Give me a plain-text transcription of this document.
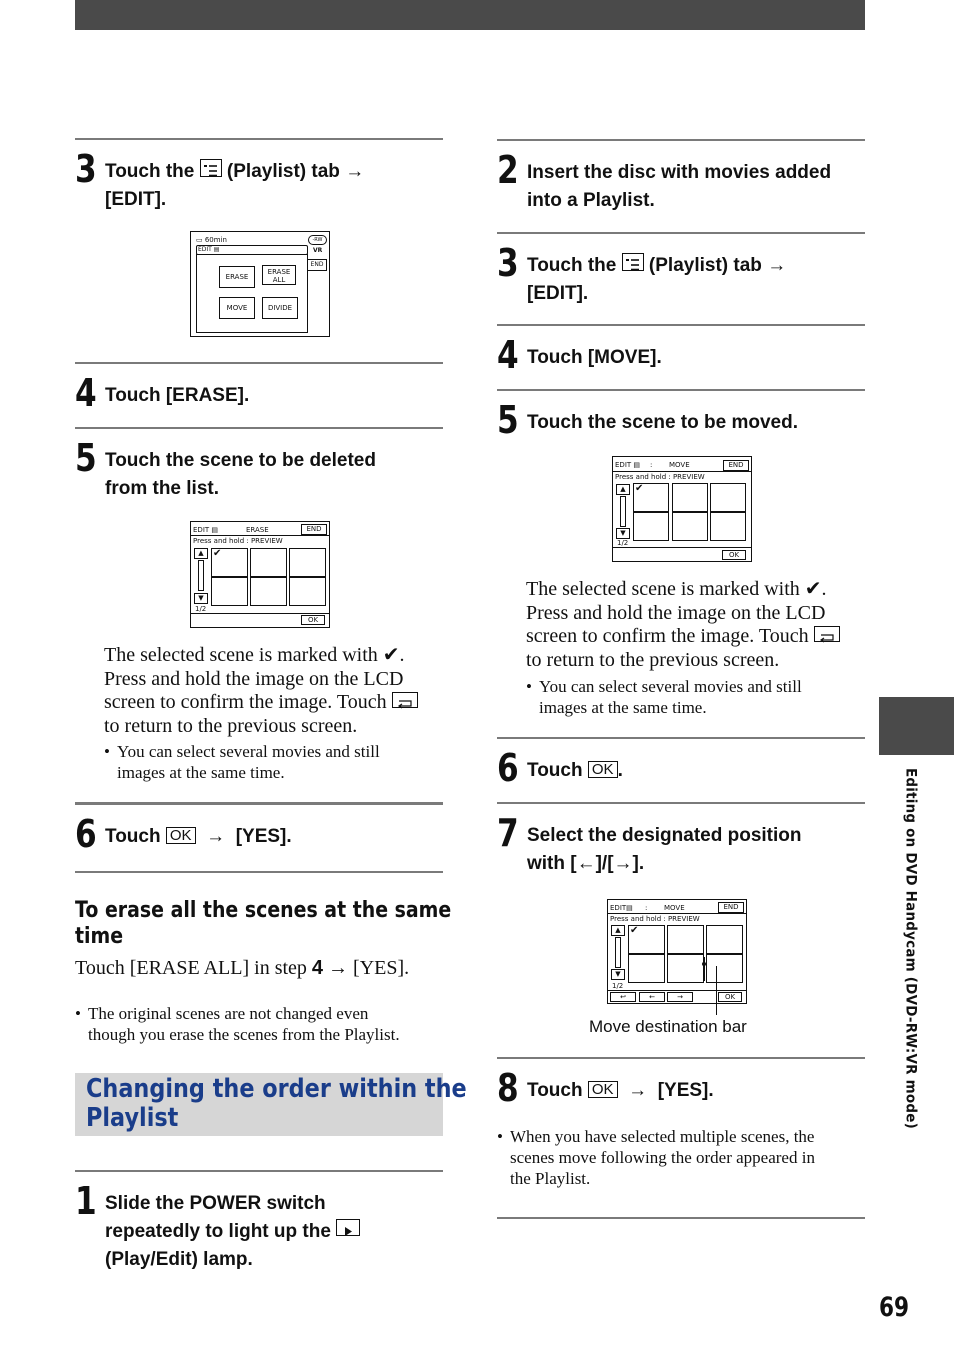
Editing on DVD Handycam (DVD-RW:VR mode)
69
3 Touch the (Playlist) tab →
[EDIT].
▭ 60min	-RW
VR
EDIT ▤
END
ERASE
ERASE
ALL
MOVE	DIVIDE
4 Touch [ERASE].
5 Touch the scene to be deleted
from the list.
EDIT ▤	ERASE	END
Press and hold : PREVIEW
▲
▼
✔
1/2
OK
The selected scene is marked with ✔.
Press and hold the image on the LCD
screen to confirm the image. Touch
to return to the previous screen.
• You can select several movies and still
images at the same time.
6 Touch OK → [YES].
To erase all the scenes at the same
time
Touch [ERASE ALL] in step 4 → [YES].
• The original scenes are not changed even
though you erase the scenes from the Playlist.
Changing the order within the
Playlist
1 Slide the POWER switch
repeatedly to light up the
(Play/Edit) lamp.
2 Insert the disc with movies added
into a Playlist.
3 Touch the (Playlist) tab →
[EDIT].
4 Touch [MOVE].
5 Touch the scene to be moved.
EDIT ▤ : MOVE	END
Press and hold : PREVIEW
▲
▼
✔
1/2
OK
The selected scene is marked with ✔.
Press and hold the image on the LCD
screen to confirm the image. Touch
to return to the previous screen.
• You can select several movies and still
images at the same time.
6 Touch OK .
7 Select the designated position
with [←]/[→].
EDIT▤ : MOVE	END
Press and hold : PREVIEW
▲
▼
✔
1/2
↩	←	→	OK
Move destination bar
8 Touch OK → [YES].
• When you have selected multiple scenes, the
scenes move following the order appeared in
the Playlist.
